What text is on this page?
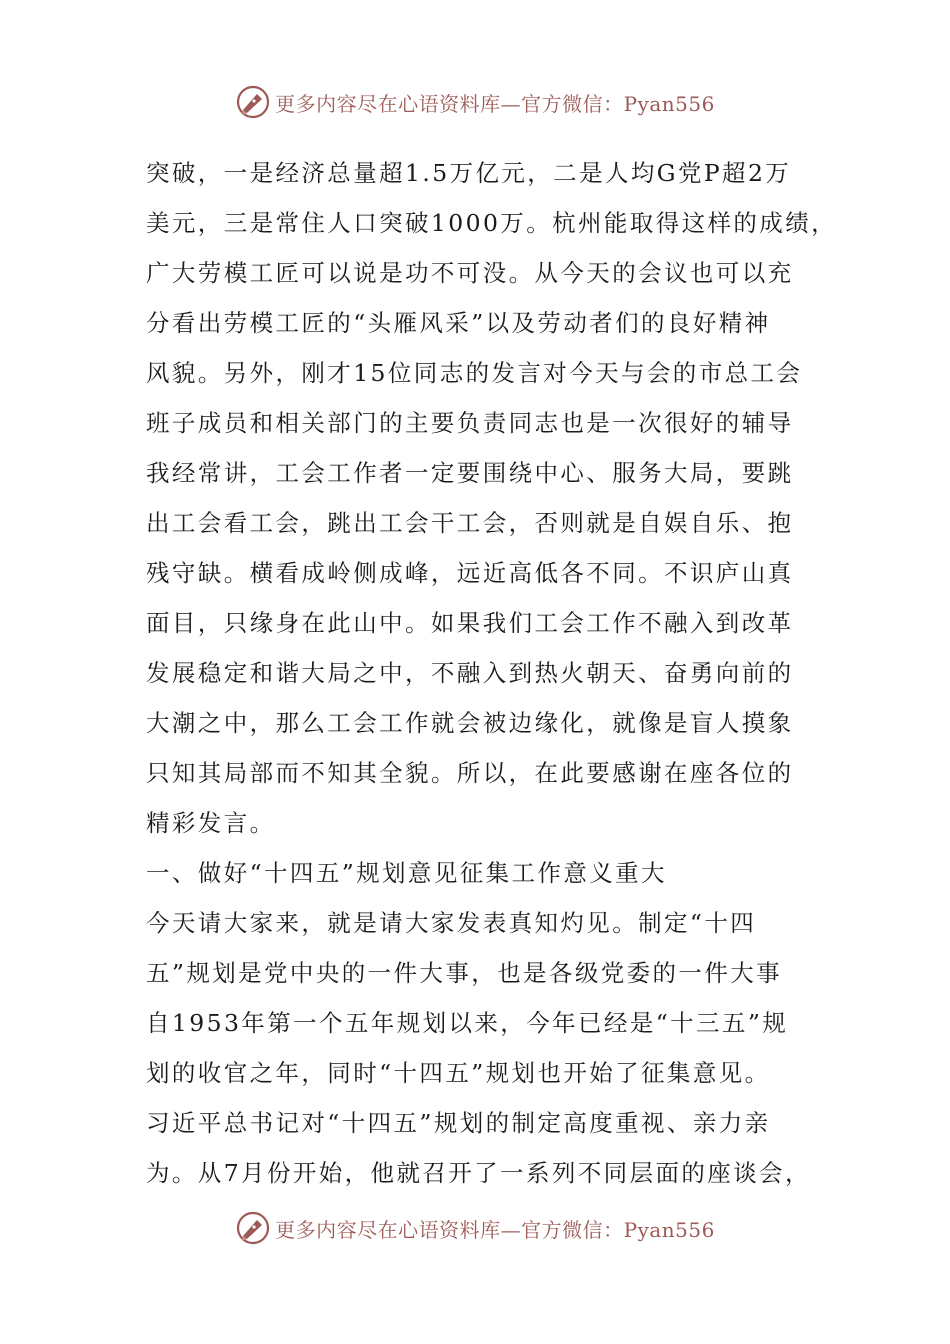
更多内容尽在心语资料库—官方微信：Pyan556
突破，一是经济总量超1.5万亿元，二是人均G党P超2万
美元，三是常住人口突破1000万。杭州能取得这样的成绩，
广大劳模工匠可以说是功不可没。从今天的会议也可以充
分看出劳模工匠的“头雁风采”以及劳动者们的良好精神
风貌。另外，刚才15位同志的发言对今天与会的市总工会
班子成员和相关部门的主要负责同志也是一次很好的辅导
我经常讲，工会工作者一定要围绕中心、服务大局，要跳
出工会看工会，跳出工会干工会，否则就是自娱自乐、抱
残守缺。横看成岭侧成峰，远近高低各不同。不识庐山真
面目，只缘身在此山中。如果我们工会工作不融入到改革
发展稳定和谐大局之中，不融入到热火朝天、奋勇向前的
大潮之中，那么工会工作就会被边缘化，就像是盲人摸象
只知其局部而不知其全貌。所以，在此要感谢在座各位的
精彩发言。
一、做好“十四五”规划意见征集工作意义重大
今天请大家来，就是请大家发表真知灼见。制定“十四
五”规划是党中央的一件大事，也是各级党委的一件大事
自1953年第一个五年规划以来，今年已经是“十三五”规
划的收官之年，同时“十四五”规划也开始了征集意见。
习近平总书记对“十四五”规划的制定高度重视、亲力亲
为。从7月份开始，他就召开了一系列不同层面的座谈会，
更多内容尽在心语资料库—官方微信：Pyan556
